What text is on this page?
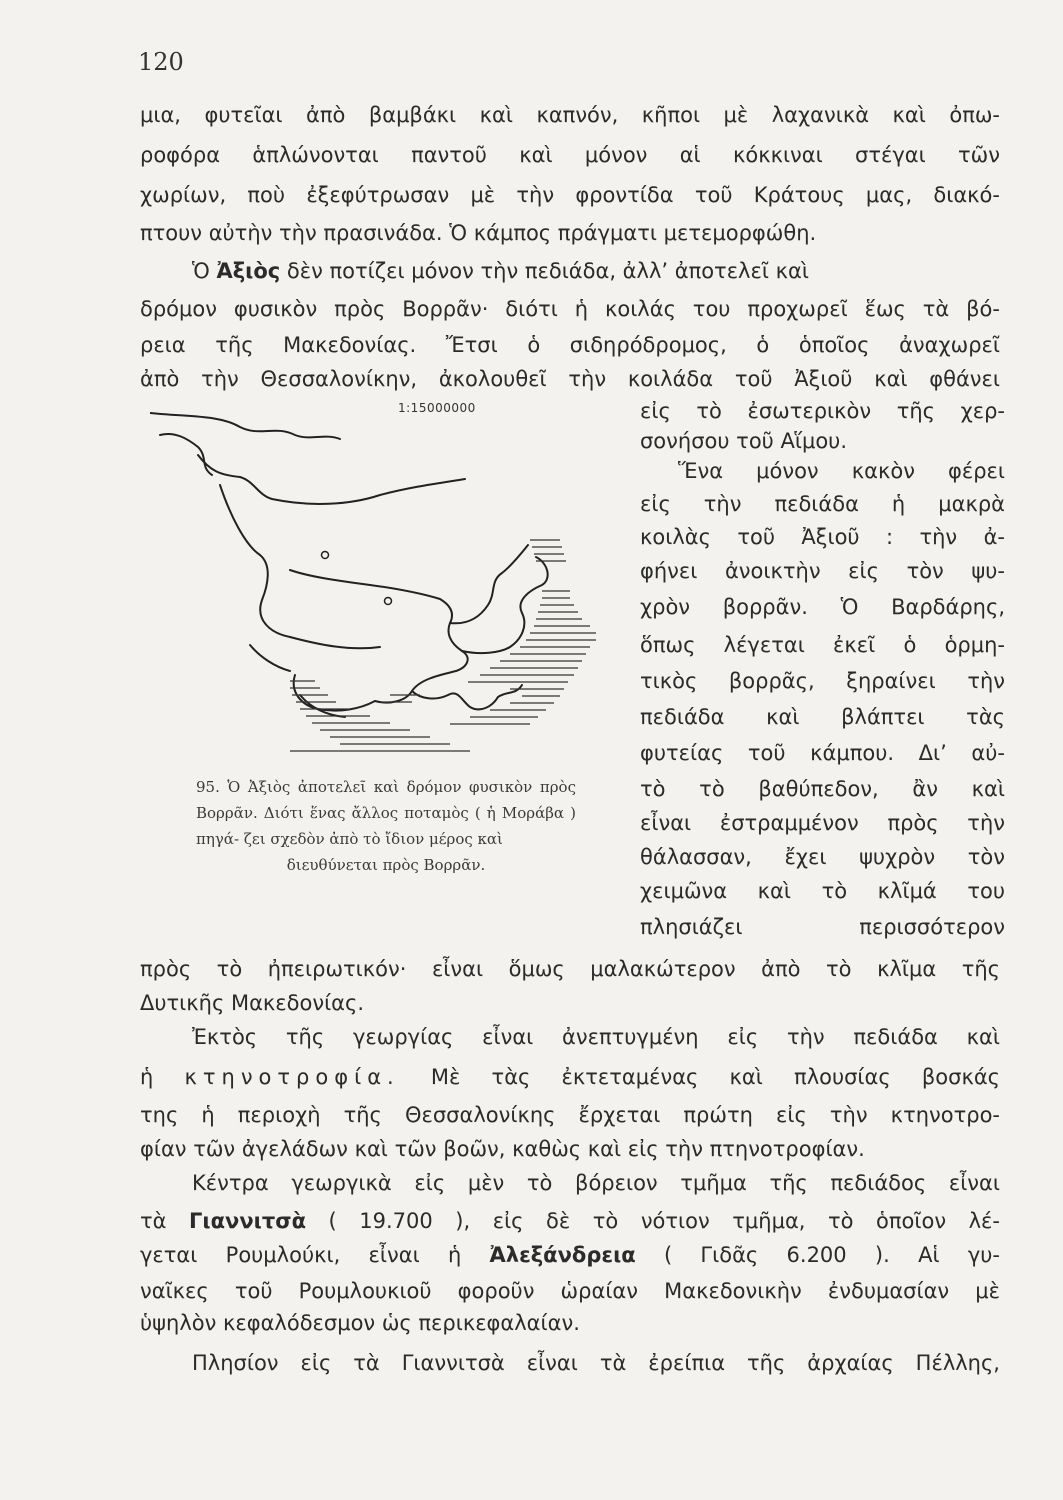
120
μια, φυτεῖαι ἀπὸ βαμβάκι καὶ καπνόν, κῆποι μὲ λαχανικὰ καὶ ὀπω-
ροφόρα ἁπλώνονται παντοῦ καὶ μόνον αἱ κόκκιναι στέγαι τῶν
χωρίων, ποὺ ἐξεφύτρωσαν μὲ τὴν φροντίδα τοῦ Κράτους μας, διακό-
πτουν αὐτὴν τὴν πρασινάδα. Ὁ κάμπος πράγματι μετεμορφώθη.
Ὁ Ἀξιὸς δὲν ποτίζει μόνον τὴν πεδιάδα, ἀλλ’ ἀποτελεῖ καὶ
δρόμον φυσικὸν πρὸς Βορρᾶν· διότι ἡ κοιλάς του προχωρεῖ ἕως τὰ βό-
ρεια τῆς Μακεδονίας. Ἔτσι ὁ σιδηρόδρομος, ὁ ὁποῖος ἀναχωρεῖ
ἀπὸ τὴν Θεσσαλονίκην, ἀκολουθεῖ τὴν κοιλάδα τοῦ Ἀξιοῦ καὶ φθάνει
εἰς τὸ ἐσωτερικὸν τῆς χερ-
σονήσου τοῦ Αἵμου.
1:15000000
95. Ὁ Ἀξιὸς ἀποτελεῖ καὶ δρόμον φυσικὸν πρὸς Βορρᾶν. Διότι ἕνας ἄλλος ποταμὸς ( ἡ Μοράβα ) πηγά- ζει σχεδὸν ἀπὸ τὸ ἴδιον μέρος καὶ
διευθύνεται πρὸς Βορρᾶν.
Ἕνα μόνον κακὸν φέρει
εἰς τὴν πεδιάδα ἡ μακρὰ
κοιλὰς τοῦ Ἀξιοῦ : τὴν ἀ-
φήνει ἀνοικτὴν εἰς τὸν ψυ-
χρὸν βορρᾶν. Ὁ Βαρδάρης,
ὅπως λέγεται ἐκεῖ ὁ ὁρμη-
τικὸς βορρᾶς, ξηραίνει τὴν
πεδιάδα καὶ βλάπτει τὰς
φυτείας τοῦ κάμπου. Δι’ αὐ-
τὸ τὸ βαθύπεδον, ἂν καὶ
εἶναι ἐστραμμένον πρὸς τὴν
θάλασσαν, ἔχει ψυχρὸν τὸν
χειμῶνα καὶ τὸ κλῖμά του
πλησιάζει περισσότερον
πρὸς τὸ ἠπειρωτικόν· εἶναι ὅμως μαλακώτερον ἀπὸ τὸ κλῖμα τῆς
Δυτικῆς Μακεδονίας.
Ἐκτὸς τῆς γεωργίας εἶναι ἀνεπτυγμένη εἰς τὴν πεδιάδα καὶ
ἡ κτηνοτροφία. Μὲ τὰς ἐκτεταμένας καὶ πλουσίας βοσκάς
της ἡ περιοχὴ τῆς Θεσσαλονίκης ἔρχεται πρώτη εἰς τὴν κτηνοτρο-
φίαν τῶν ἀγελάδων καὶ τῶν βοῶν, καθὼς καὶ εἰς τὴν πτηνοτροφίαν.
Κέντρα γεωργικὰ εἰς μὲν τὸ βόρειον τμῆμα τῆς πεδιάδος εἶναι
τὰ Γιαννιτσὰ ( 19.700 ), εἰς δὲ τὸ νότιον τμῆμα, τὸ ὁποῖον λέ-
γεται Ρουμλούκι, εἶναι ἡ Ἀλεξάνδρεια ( Γιδᾶς 6.200 ). Αἱ γυ-
ναῖκες τοῦ Ρουμλουκιοῦ φοροῦν ὡραίαν Μακεδονικὴν ἐνδυμασίαν μὲ
ὑψηλὸν κεφαλόδεσμον ὡς περικεφαλαίαν.
Πλησίον εἰς τὰ Γιαννιτσὰ εἶναι τὰ ἐρείπια τῆς ἀρχαίας Πέλλης,
